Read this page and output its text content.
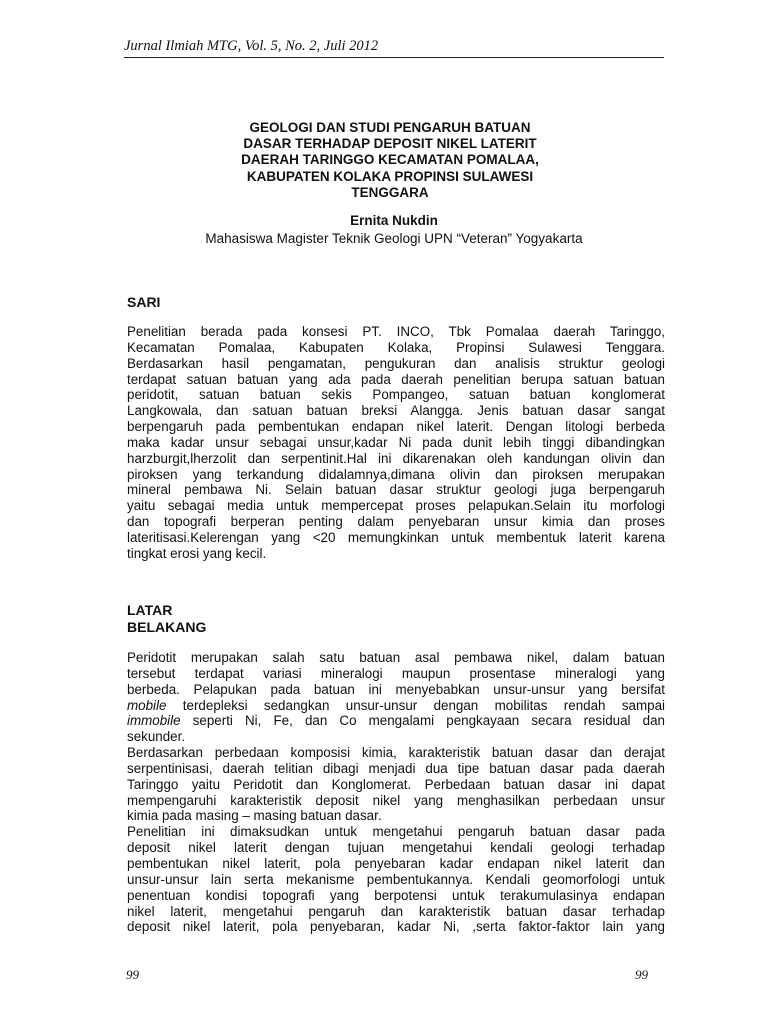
Jurnal Ilmiah MTG, Vol. 5, No. 2, Juli 2012
GEOLOGI DAN STUDI PENGARUH BATUAN
DASAR TERHADAP DEPOSIT NIKEL LATERIT
DAERAH TARINGGO KECAMATAN POMALAA,
KABUPATEN KOLAKA PROPINSI SULAWESI
TENGGARA
Ernita Nukdin
Mahasiswa Magister Teknik Geologi UPN “Veteran” Yogyakarta
SARI
Penelitian berada pada konsesi PT. INCO, Tbk Pomalaa daerah Taringgo,
Kecamatan Pomalaa, Kabupaten Kolaka, Propinsi Sulawesi Tenggara.
Berdasarkan hasil pengamatan, pengukuran dan analisis struktur geologi
terdapat satuan batuan yang ada pada daerah penelitian berupa satuan batuan
peridotit, satuan batuan sekis Pompangeo, satuan batuan konglomerat
Langkowala, dan satuan batuan breksi Alangga. Jenis batuan dasar sangat
berpengaruh pada pembentukan endapan nikel laterit. Dengan litologi berbeda
maka kadar unsur sebagai unsur,kadar Ni pada dunit lebih tinggi dibandingkan
harzburgit,lherzolit dan serpentinit.Hal ini dikarenakan oleh kandungan olivin dan
piroksen yang terkandung didalamnya,dimana olivin dan piroksen merupakan
mineral pembawa Ni. Selain batuan dasar struktur geologi juga berpengaruh
yaitu sebagai media untuk mempercepat proses pelapukan.Selain itu morfologi
dan topografi berperan penting dalam penyebaran unsur kimia dan proses
lateritisasi.Kelerengan yang <20 memungkinkan untuk membentuk laterit karena
tingkat erosi yang kecil.
LATAR
BELAKANG
Peridotit merupakan salah satu batuan asal pembawa nikel, dalam batuan
tersebut terdapat variasi mineralogi maupun prosentase mineralogi yang
berbeda. Pelapukan pada batuan ini menyebabkan unsur-unsur yang bersifat
mobile terdepleksi sedangkan unsur-unsur dengan mobilitas rendah sampai
immobile seperti Ni, Fe, dan Co mengalami pengkayaan secara residual dan
sekunder.
Berdasarkan perbedaan komposisi kimia, karakteristik batuan dasar dan derajat
serpentinisasi, daerah telitian dibagi menjadi dua tipe batuan dasar pada daerah
Taringgo yaitu Peridotit dan Konglomerat. Perbedaan batuan dasar ini dapat
mempengaruhi karakteristik deposit nikel yang menghasilkan perbedaan unsur
kimia pada masing – masing batuan dasar.
Penelitian ini dimaksudkan untuk mengetahui pengaruh batuan dasar pada
deposit nikel laterit dengan tujuan mengetahui kendali geologi terhadap
pembentukan nikel laterit, pola penyebaran kadar endapan nikel laterit dan
unsur-unsur lain serta mekanisme pembentukannya. Kendali geomorfologi untuk
penentuan kondisi topografi yang berpotensi untuk terakumulasinya endapan
nikel laterit, mengetahui pengaruh dan karakteristik batuan dasar terhadap
deposit nikel laterit, pola penyebaran, kadar Ni, ,serta faktor-faktor lain yang
99	99
